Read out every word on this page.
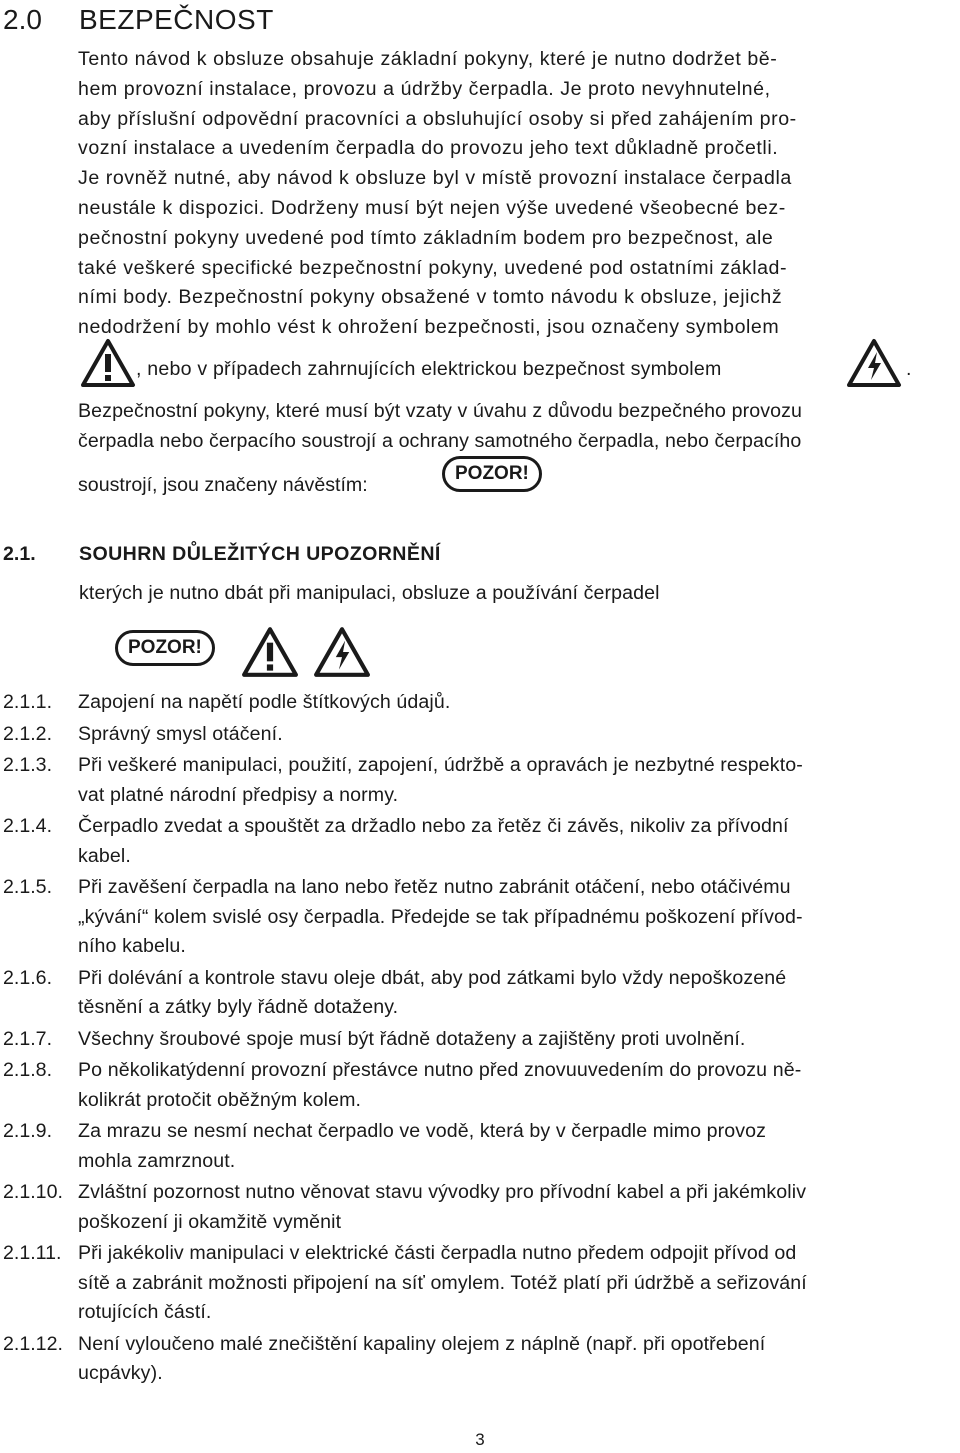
2.0 BEZPEČNOST
Tento návod k obsluze obsahuje základní pokyny, které je nutno dodržet bě-
hem provozní instalace, provozu a údržby čerpadla. Je proto nevyhnutelné,
aby příslušní odpovědní pracovníci a obsluhující osoby si před zahájením pro-
vozní instalace a uvedením čerpadla do provozu jeho text důkladně pročetli.
Je rovněž nutné, aby návod k obsluze byl v místě provozní instalace čerpadla
neustále k dispozici. Dodrženy musí být nejen výše uvedené všeobecné bez-
pečnostní pokyny uvedené pod tímto základním bodem pro bezpečnost, ale
také veškeré specifické bezpečnostní pokyny, uvedené pod ostatními základ-
ními body. Bezpečnostní pokyny obsažené v tomto návodu k obsluze, jejichž
nedodržení by mohlo vést k ohrožení bezpečnosti, jsou označeny symbolem
, nebo v případech zahrnujících elektrickou bezpečnost symbolem	.
Bezpečnostní pokyny, které musí být vzaty v úvahu z důvodu bezpečného provozu
čerpadla nebo čerpacího soustrojí a ochrany samotného čerpadla, nebo čerpacího
soustrojí, jsou značeny návěstím:
POZOR!
2.1. SOUHRN DŮLEŽITÝCH UPOZORNĚNÍ
kterých je nutno dbát při manipulaci, obsluze a používání čerpadel
POZOR!
2.1.1.	Zapojení na napětí podle štítkových údajů.
2.1.2.	Správný smysl otáčení.
2.1.3.	Při veškeré manipulaci, použití, zapojení, údržbě a opravách je nezbytné respekto-
vat platné národní předpisy a normy.
2.1.4.	Čerpadlo zvedat a spouštět za držadlo nebo za řetěz či závěs, nikoliv za přívodní
kabel.
2.1.5.	Při zavěšení čerpadla na lano nebo řetěz nutno zabránit otáčení, nebo otáčivému
„kývání“ kolem svislé osy čerpadla. Předejde se tak případnému poškození přívod-
ního kabelu.
2.1.6.	Při dolévání a kontrole stavu oleje dbát, aby pod zátkami bylo vždy nepoškozené
těsnění a zátky byly řádně dotaženy.
2.1.7.	Všechny šroubové spoje musí být řádně dotaženy a zajištěny proti uvolnění.
2.1.8.	Po několikatýdenní provozní přestávce nutno před znovuuvedením do provozu ně-
kolikrát protočit oběžným kolem.
2.1.9.	Za mrazu se nesmí nechat čerpadlo ve vodě, která by v čerpadle mimo provoz
mohla zamrznout.
2.1.10. Zvláštní pozornost nutno věnovat stavu vývodky pro přívodní kabel a při jakémkoliv
poškození ji okamžitě vyměnit
2.1.11. Při jakékoliv manipulaci v elektrické části čerpadla nutno předem odpojit přívod od
sítě a zabránit možnosti připojení na síť omylem. Totéž platí při údržbě a seřizování
rotujících částí.
2.1.12. Není vyloučeno malé znečištění kapaliny olejem z náplně (např. při opotřebení
ucpávky).
3
